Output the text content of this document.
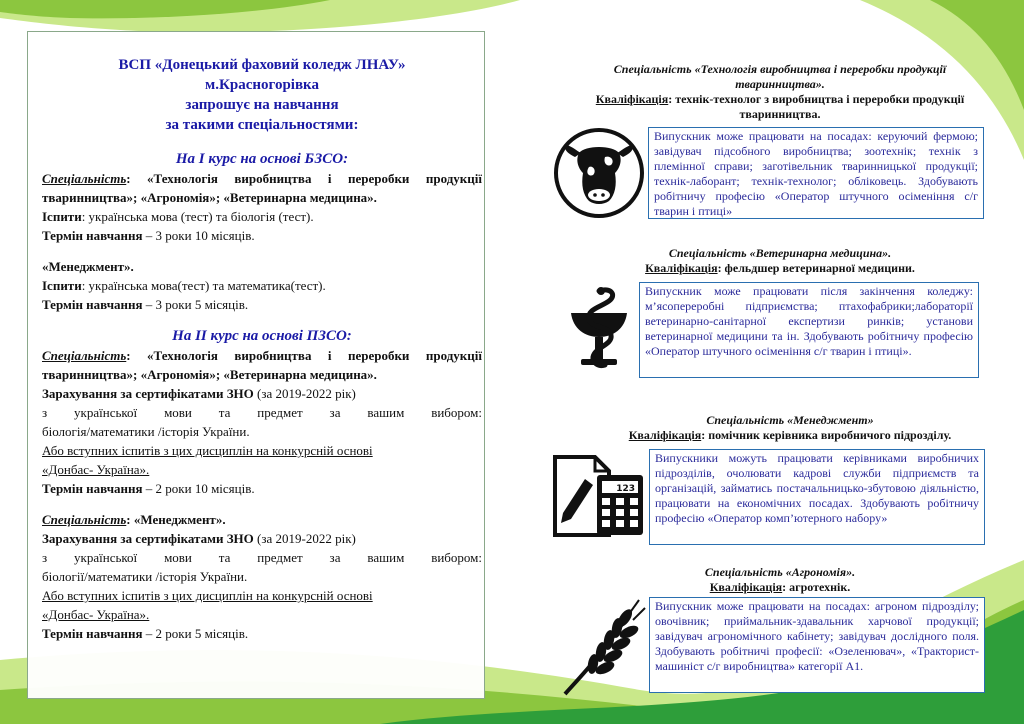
ВСП «Донецький фаховий коледж ЛНАУ»
м.Красногорівка
запрошує на навчання
за такими спеціальностями:
На І курс на основі БЗСО:

Спеціальність: «Технологія виробництва і переробки продукції

тваринництва»; «Агрономія»; «Ветеринарна медицина».

Іспити: українська мова (тест) та біологія (тест).

Термін навчання – 3 роки 10 місяців.

«Менеджмент».

Іспити: українська мова(тест) та математика(тест).

Термін навчання – 3 роки 5 місяців.

На ІІ курс на основі ПЗСО:

Спеціальність: «Технологія виробництва і переробки продукції

тваринництва»; «Агрономія»; «Ветеринарна медицина».

Зарахування за сертифікатами ЗНО (за 2019-2022 рік)

з української мови та предмет за вашим вибором:

біологія/математики /історія України.

Або вступних іспитів з цих дисциплін на конкурсній основі

«Донбас- Україна».

Термін навчання – 2 роки 10 місяців.

Спеціальність: «Менеджмент».

Зарахування за сертифікатами ЗНО (за 2019-2022 рік)

з української мови та предмет за вашим вибором:

біології/математики /історія України.

Або вступних іспитів з цих дисциплін на конкурсній основі

«Донбас- Україна».

Термін навчання – 2 роки 5 місяців.

Спеціальність «Технологія виробництва і переробки продукції
тваринництва».
Кваліфікація: технік-технолог з виробництва і переробки продукції
тваринництва.
Випускник може працювати на посадах: керуючий фермою; завідувач підсобного виробництва; зоотехнік; технік з племінної справи; заготівельник тваринницької продукції; технік-лаборант; технік-технолог; обліковець. Здобувають робітничу професію «Оператор штучного осіменіння с/г тварин і птиці»
Спеціальність «Ветеринарна медицина».
Кваліфікація: фельдшер ветеринарної медицини.
Випускник може працювати після закінчення коледжу: м’ясопереробні підприємства; птахофабрики;лабораторії ветеринарно-санітарної експертизи ринків; установи ветеринарної медицини та ін. Здобувають робітничу професію «Оператор штучного осіменіння с/г тварин і птиці».
Спеціальність «Менеджмент»
Кваліфікація: помічник керівника виробничого підрозділу.
123
Випускники можуть працювати керівниками виробничих підрозділів, очолювати кадрові служби підприємств та організацій, займатись постачальницько-збутовою діяльністю, працювати на економічних посадах. Здобувають робітничу професію «Оператор комп’ютерного набору»
Спеціальність «Агрономія».
Кваліфікація: агротехнік.
Випускник може працювати на посадах: агроном підрозділу; овочівник; приймальник-здавальник харчової продукції; завідувач агрономічного кабінету; завідувач дослідного поля. Здобувають робітничі професії: «Озеленювач», «Тракторист-машиніст с/г виробництва» категорії А1.
